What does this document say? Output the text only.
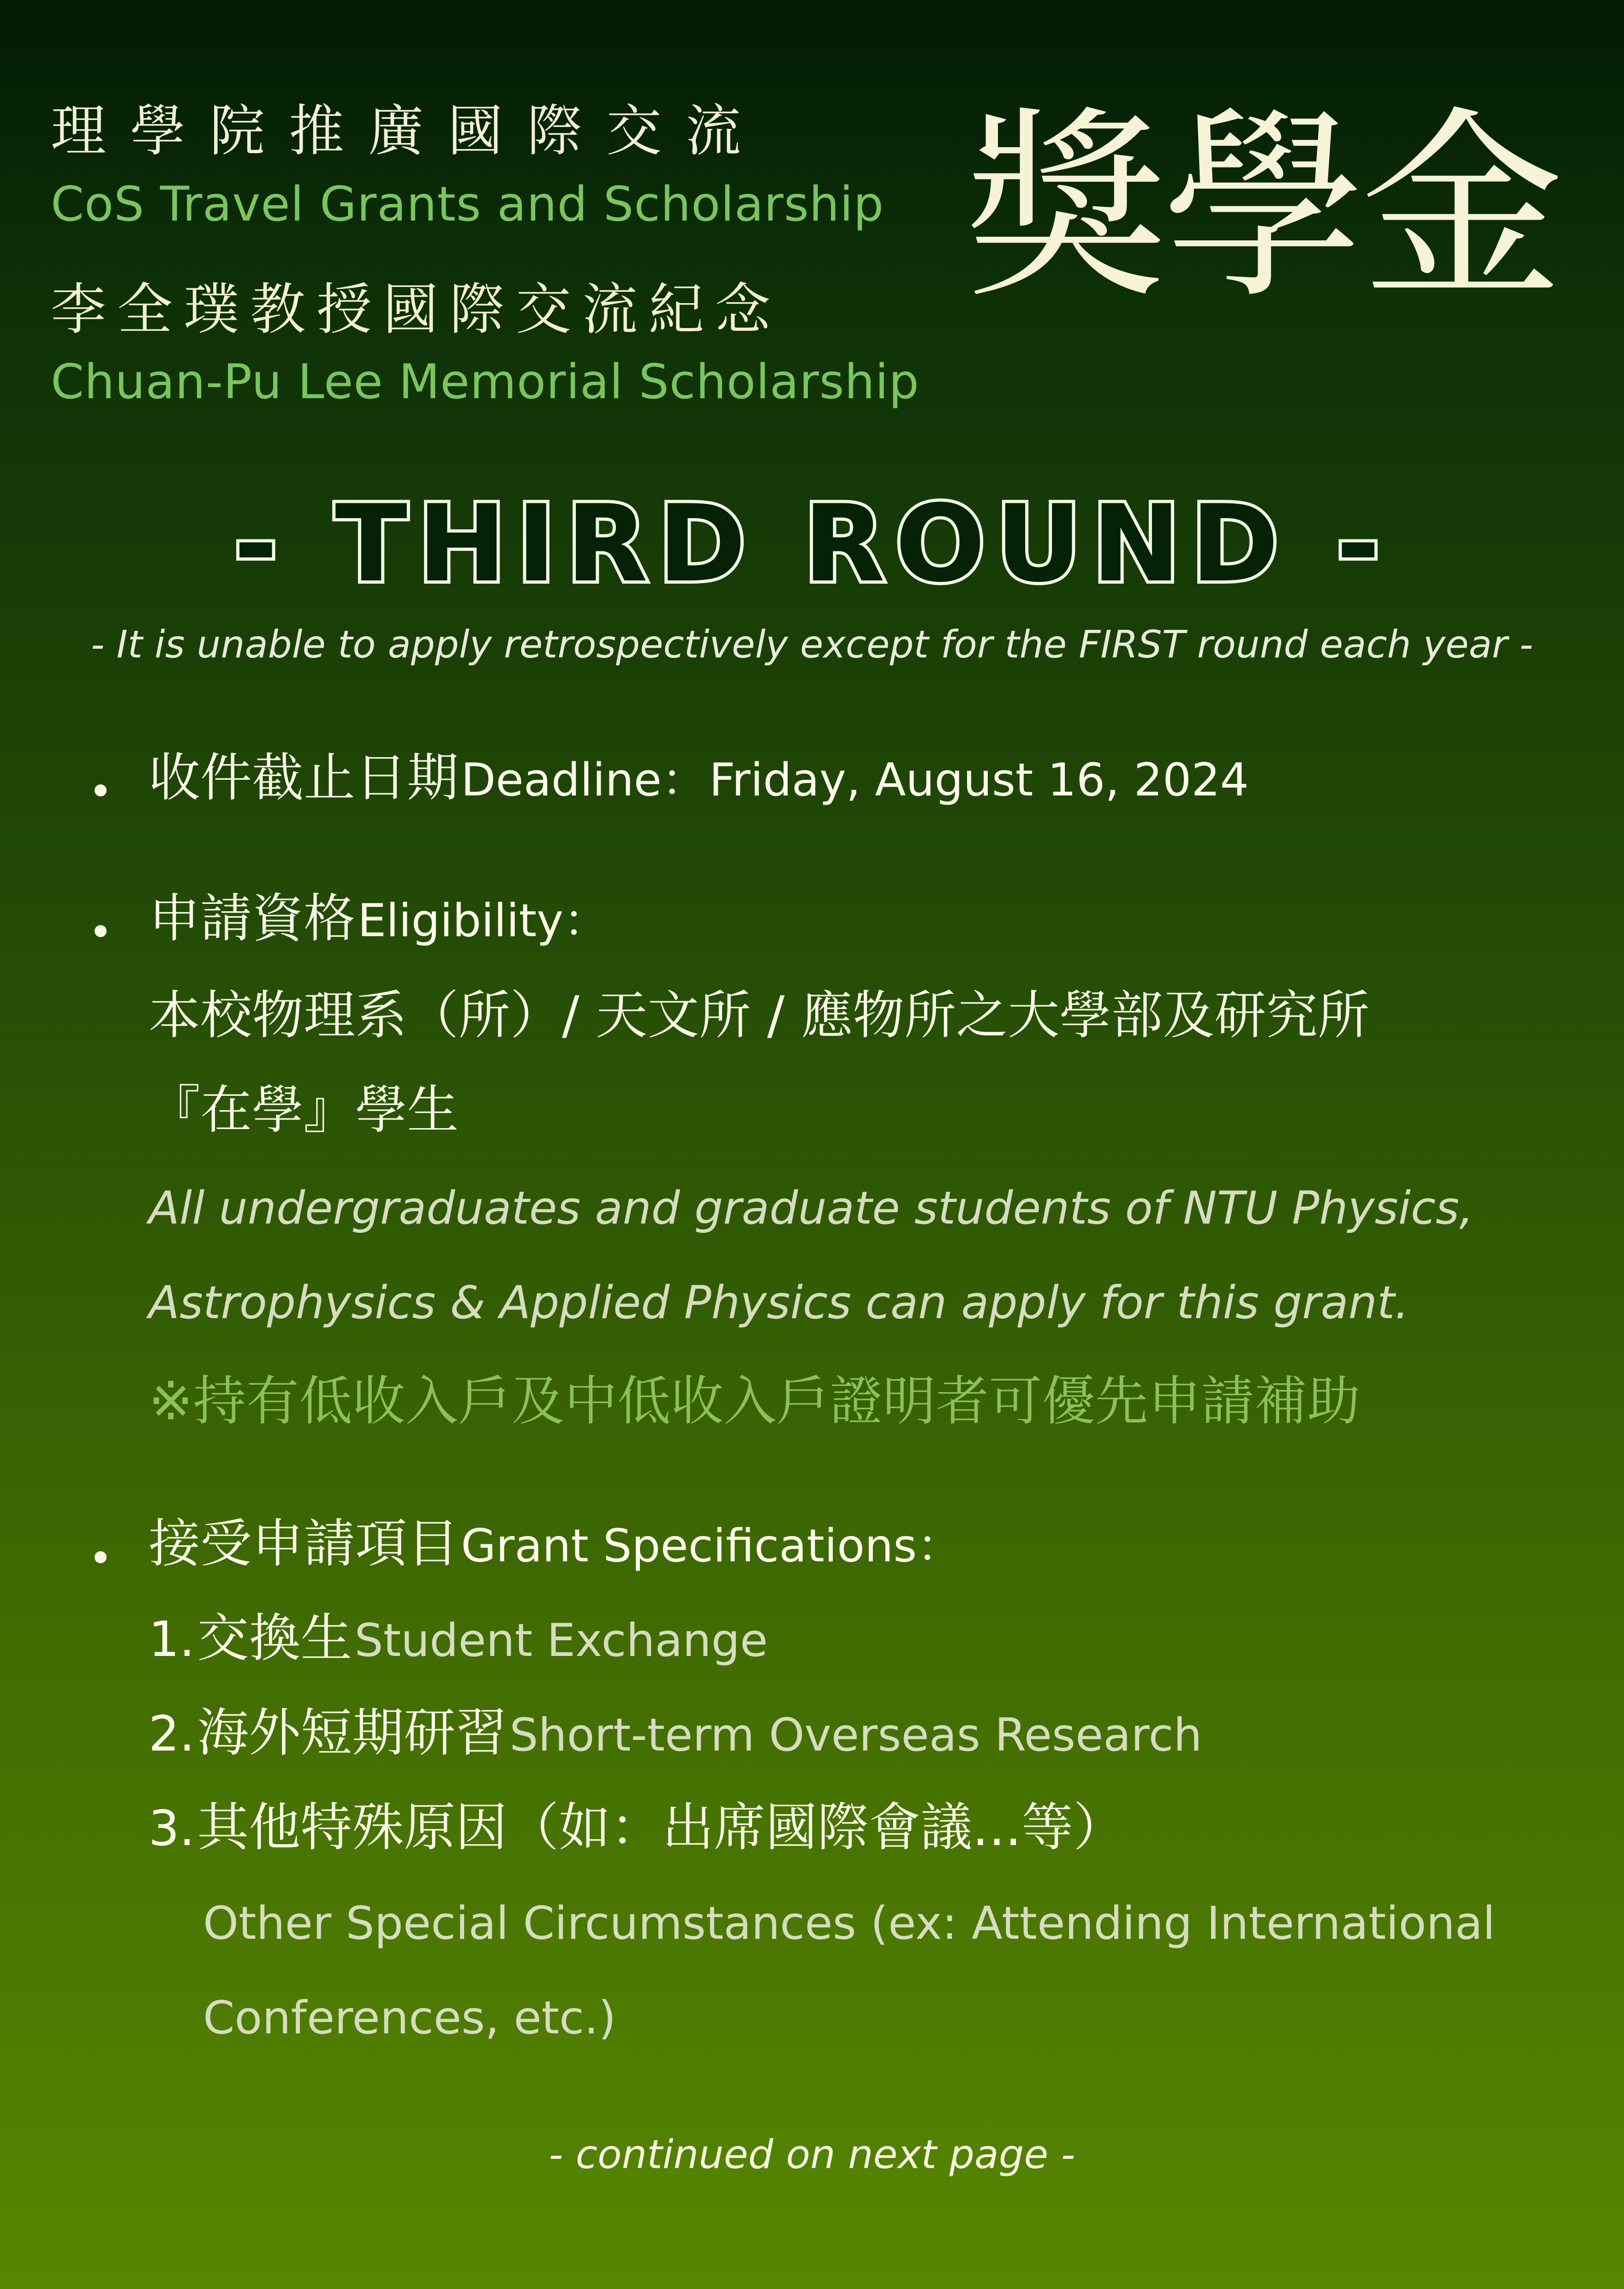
理學院推廣國際交流
CoS Travel Grants and Scholarship
李全璞教授國際交流紀念
Chuan-Pu Lee Memorial Scholarship
獎學金
- THIRD ROUND -
- It is unable to apply retrospectively except for the FIRST round each year -
收件截止日期 Deadline： Friday, August 16, 2024
申請資格 Eligibility：
本校物理系（所）/ 天文所 / 應物所之大學部及研究所
『在學』學生
All undergraduates and graduate students of NTU Physics,
Astrophysics & Applied Physics can apply for this grant.
※持有低收入戶及中低收入戶證明者可優先申請補助
接受申請項目 Grant Specifications：
1. 交換生 Student Exchange
2. 海外短期研習 Short-term Overseas Research
3. 其他特殊原因（如：出席國際會議...等）
Other Special Circumstances (ex: Attending International
Conferences, etc.)
- continued on next page -
